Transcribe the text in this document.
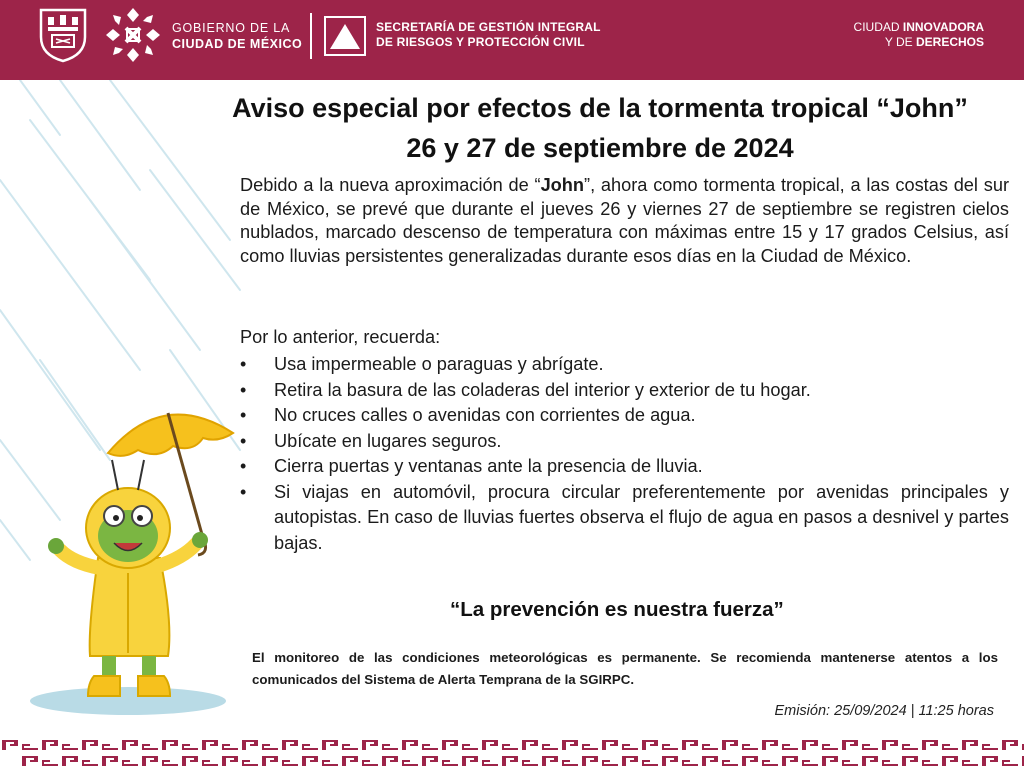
GOBIERNO DE LA
CIUDAD DE MÉXICO
SECRETARÍA DE GESTIÓN INTEGRAL
DE RIESGOS Y PROTECCIÓN CIVIL
CIUDAD INNOVADORA
Y DE DERECHOS
Aviso especial por efectos de la tormenta tropical “John”
26 y 27 de septiembre de 2024
Debido a la nueva aproximación de “John”, ahora como tormenta tropical, a las costas del sur de México, se prevé que durante el jueves 26 y viernes 27 de septiembre se registren cielos nublados, marcado descenso de temperatura con máximas entre 15 y 17 grados Celsius, así como lluvias persistentes generalizadas durante esos días en la Ciudad de México.
Por lo anterior, recuerda:
• Usa impermeable o paraguas y abrígate.
• Retira la basura de las coladeras del interior y exterior de tu hogar.
• No cruces calles o avenidas con corrientes de agua.
• Ubícate en lugares seguros.
• Cierra puertas y ventanas ante la presencia de lluvia.
• Si viajas en automóvil, procura circular preferentemente por avenidas principales y autopistas. En caso de lluvias fuertes observa el flujo de agua en pasos a desnivel y partes bajas.
“La prevención es nuestra fuerza”
El monitoreo de las condiciones meteorológicas es permanente. Se recomienda mantenerse atentos a los comunicados del Sistema de Alerta Temprana de la SGIRPC.
Emisión: 25/09/2024 | 11:25 horas
